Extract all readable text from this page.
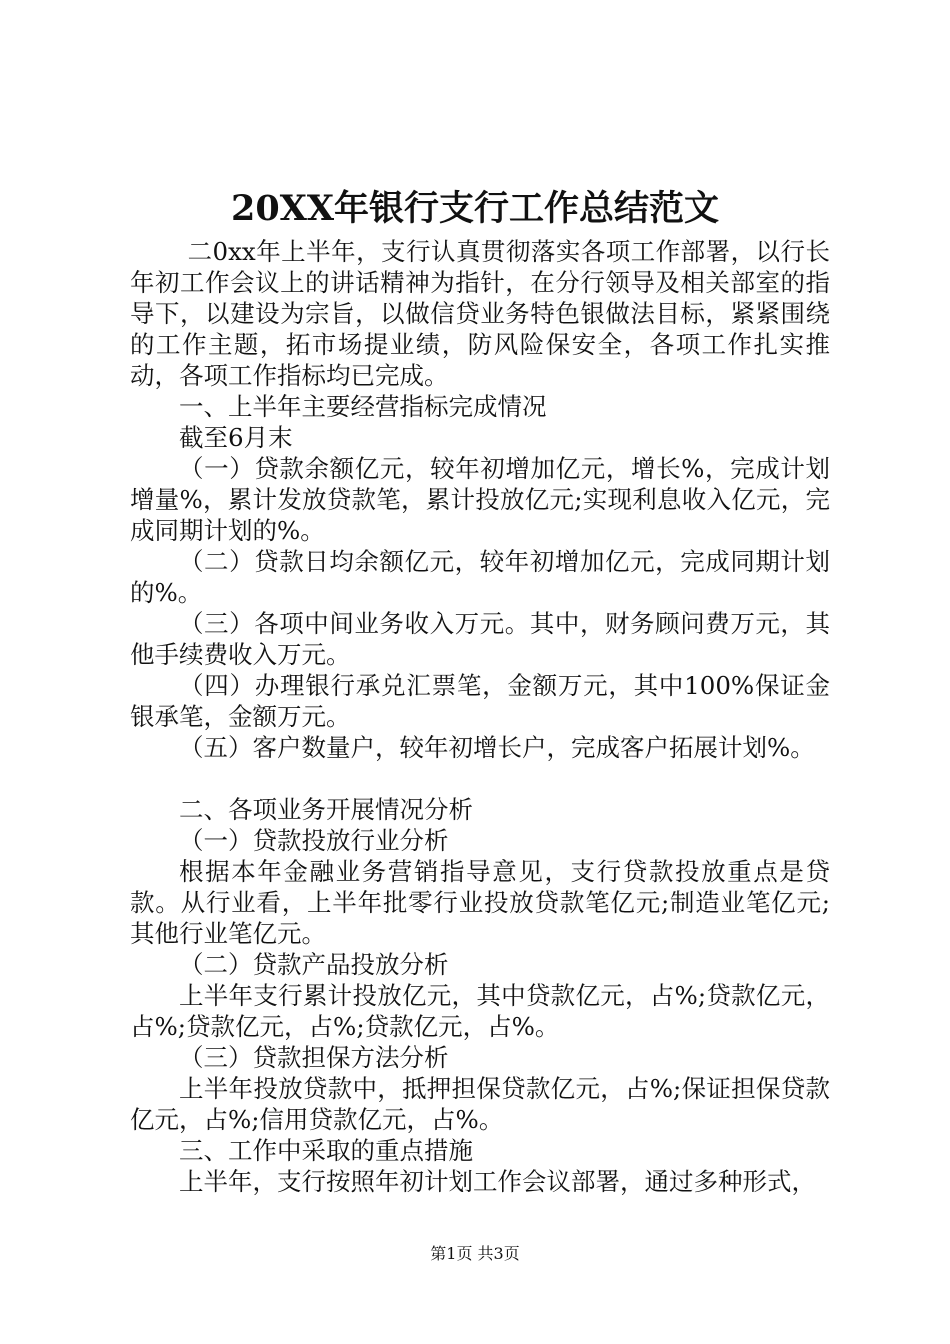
20XX年银行支行工作总结范文

二0xx年上半年，支行认真贯彻落实各项工作部署，以行长年初工作会议上的讲话精神为指针，在分行领导及相关部室的指导下，以建设为宗旨，以做信贷业务特色银做法目标，紧紧围绕的工作主题，拓市场提业绩，防风险保安全，各项工作扎实推动，各项工作指标均已完成。

一、上半年主要经营指标完成情况

截至6月末

（一）贷款余额亿元，较年初增加亿元，增长%，完成计划增量%，累计发放贷款笔，累计投放亿元;实现利息收入亿元，完成同期计划的%。

（二）贷款日均余额亿元，较年初增加亿元，完成同期计划的%。

（三）各项中间业务收入万元。其中，财务顾问费万元，其他手续费收入万元。

（四）办理银行承兑汇票笔，金额万元，其中100%保证金银承笔，金额万元。

（五）客户数量户，较年初增长户，完成客户拓展计划%。

二、各项业务开展情况分析

（一）贷款投放行业分析

根据本年金融业务营销指导意见，支行贷款投放重点是贷款。从行业看，上半年批零行业投放贷款笔亿元;制造业笔亿元;其他行业笔亿元。

（二）贷款产品投放分析

上半年支行累计投放亿元，其中贷款亿元，占%;贷款亿元，占%;贷款亿元，占%;贷款亿元，占%。

（三）贷款担保方法分析

上半年投放贷款中，抵押担保贷款亿元，占%;保证担保贷款亿元，占%;信用贷款亿元，占%。

三、工作中采取的重点措施

上半年，支行按照年初计划工作会议部署，通过多种形式，

第1页 共3页
